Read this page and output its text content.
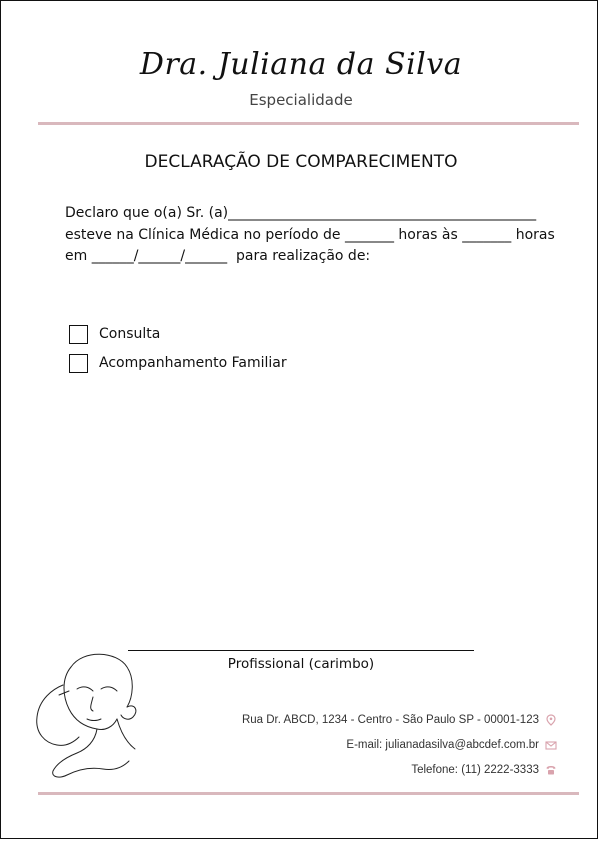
Dra. Juliana da Silva
Especialidade
DECLARAÇÃO DE COMPARECIMENTO
Declaro que o(a) Sr. (a)____________________________________________
esteve na Clínica Médica no período de _______ horas às _______ horas
em ______/______/______  para realização de:
Consulta
Acompanhamento Familiar
Profissional (carimbo)
Rua Dr. ABCD, 1234 - Centro - São Paulo SP - 00001-123
E-mail: julianadasilva@abcdef.com.br
Telefone: (11) 2222-3333
